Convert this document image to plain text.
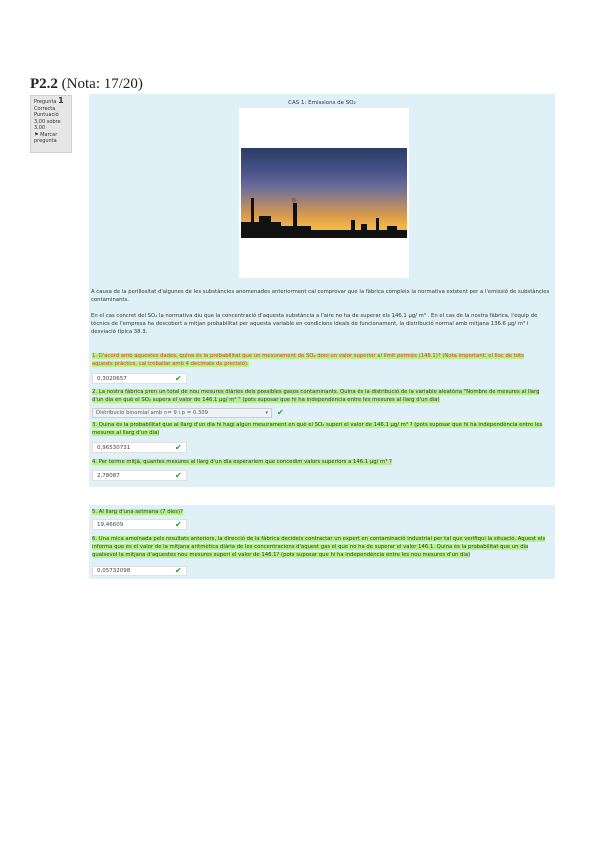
P2.2 (Nota: 17/20)
Pregunta 1
Correcta
Puntuació 3,00 sobre 3,00
⚑ Marcar pregunta
CAS 1: Emissions de SO₂
A causa de la perillositat d'algunes de les substàncies anomenades anteriorment cal comprovar que la fàbrica compleix la normativa existent per a l'emissió de substàncies contaminants.
En el cas concret del SO₂ la normativa diu que la concentració d'aquesta substància a l'aire no ha de superar els 146.1 µg/ m³ . En el cas de la nostra fàbrica, l'equip de tècnics de l'empresa ha descobert a mitjan probabilitat per aquesta variable en condicions ideals de funcionament, la distribució normal amb mitjana 136.6 µg/ m³ i desviació típica 38.3.
1. D'acord amb aquestes dades, quina és la probabilitat que un mesurament de SO₂ doni un valor superior al límit permès (146.1)? (Nota important: el lloc de tots aquests pràctics, cal treballar amb 4 decimals de precisió).
0,3020657	✔
2. La nostra fàbrica pren un total de nou mesures diàries dels possibles gasos contaminants. Quina és la distribució de la variable aleatòria "Nombre de mesures al llarg d'un dia en què el SO₂ supera el valor de 146.1 µg/ m³ " (pots suposar que hi ha independència entre les mesures al llarg d'un dia)
Distribució binomial amb n= 9 i p = 0.309	▾ ✔
3. Quina és la probabilitat que al llarg d'un dia hi hagi algun mesurament en què el SO₂ superi el valor de 146.1 µg/ m³ ? (pots suposar que hi ha independència entre les mesures al llarg d'un dia)
0,96530731	✔
4. Per terme mitjà, quantes mesures al llarg d'un dia esperaríem que concedim valors superiors a 146.1 µg/ m³ ?
2,78087	✔
5. Al llarg d'una setmana (7 dies)?
19,46609	✔
6. Una mica amoïnada pels resultats anteriors, la direcció de la fàbrica decideix contractar un expert en contaminació industrial per tal que verifiqui la situació. Aquest els informa que és el valor de la mitjana aritmètica diària de les concentracions d'aquest gas el que no ha de superar el valor 146.1. Quina és la probabilitat que un dia qualsevol la mitjana d'aquestes nou mesures superi el valor de 146.1? (pots suposar que hi ha independència entre les nou mesures d'un dia)
0,05732098	✔
